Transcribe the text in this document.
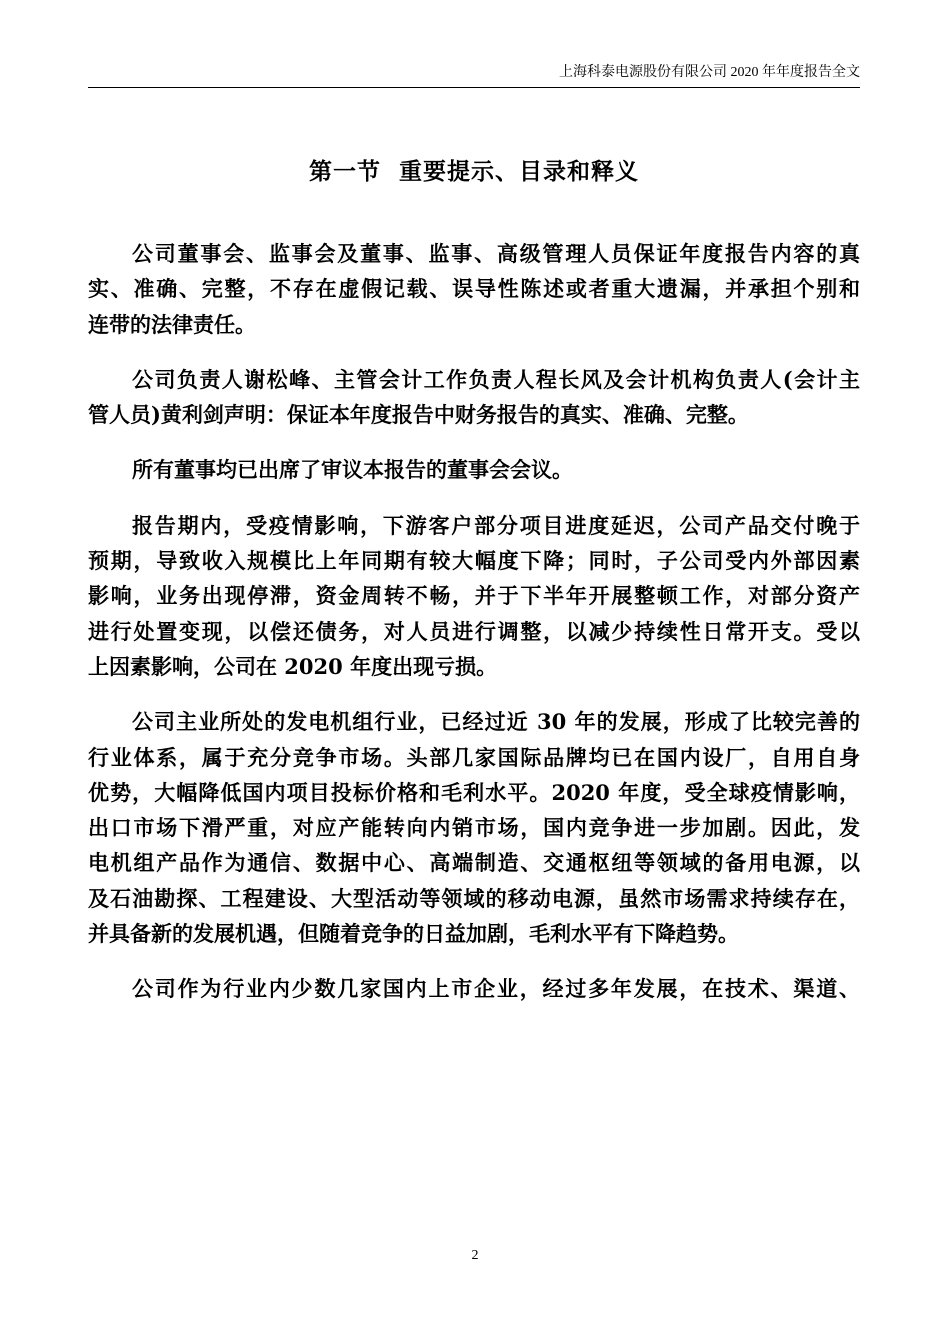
上海科泰电源股份有限公司 2020 年年度报告全文
第一节  重要提示、目录和释义
公司董事会、监事会及董事、监事、高级管理人员保证年度报告内容的真
实、准确、完整，不存在虚假记载、误导性陈述或者重大遗漏，并承担个别和
连带的法律责任。
公司负责人谢松峰、主管会计工作负责人程长风及会计机构负责人(会计主
管人员)黄利剑声明：保证本年度报告中财务报告的真实、准确、完整。
所有董事均已出席了审议本报告的董事会会议。
报告期内，受疫情影响，下游客户部分项目进度延迟，公司产品交付晚于
预期，导致收入规模比上年同期有较大幅度下降；同时，子公司受内外部因素
影响，业务出现停滞，资金周转不畅，并于下半年开展整顿工作，对部分资产
进行处置变现，以偿还债务，对人员进行调整，以减少持续性日常开支。受以
上因素影响，公司在 2020 年度出现亏损。
公司主业所处的发电机组行业，已经过近 30 年的发展，形成了比较完善的
行业体系，属于充分竞争市场。头部几家国际品牌均已在国内设厂，自用自身
优势，大幅降低国内项目投标价格和毛利水平。2020 年度，受全球疫情影响，
出口市场下滑严重，对应产能转向内销市场，国内竞争进一步加剧。因此，发
电机组产品作为通信、数据中心、高端制造、交通枢纽等领域的备用电源，以
及石油勘探、工程建设、大型活动等领域的移动电源，虽然市场需求持续存在，
并具备新的发展机遇，但随着竞争的日益加剧，毛利水平有下降趋势。
公司作为行业内少数几家国内上市企业，经过多年发展，在技术、渠道、
2
